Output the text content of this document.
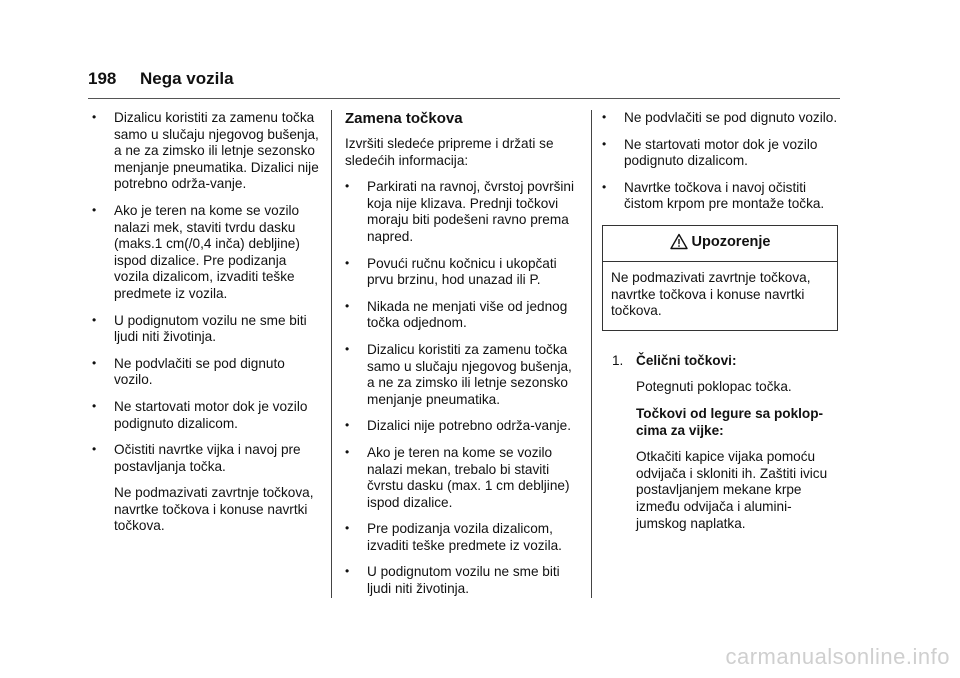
198 Nega vozila
• Dizalicu koristiti za zamenu točka samo u slučaju njegovog bušenja, a ne za zimsko ili letnje sezonsko menjanje pneumatika. Dizalici nije potrebno održa-vanje.
• Ako je teren na kome se vozilo nalazi mek, staviti tvrdu dasku (maks.1 cm(/0,4 inča) debljine) ispod dizalice. Pre podizanja vozila dizalicom, izvaditi teške predmete iz vozila.
• U podignutom vozilu ne sme biti ljudi niti životinja.
• Ne podvlačiti se pod dignuto vozilo.
• Ne startovati motor dok je vozilo podignuto dizalicom.
• Očistiti navrtke vijka i navoj pre postavljanja točka.
Ne podmazivati zavrtnje točkova, navrtke točkova i konuse navrtki točkova.
Zamena točkova
Izvršiti sledeće pripreme i držati se sledećih informacija:
• Parkirati na ravnoj, čvrstoj površini koja nije klizava. Prednji točkovi moraju biti podešeni ravno prema napred.
• Povući ručnu kočnicu i ukopčati prvu brzinu, hod unazad ili P.
• Nikada ne menjati više od jednog točka odjednom.
• Dizalicu koristiti za zamenu točka samo u slučaju njegovog bušenja, a ne za zimsko ili letnje sezonsko menjanje pneumatika.
• Dizalici nije potrebno održa-vanje.
• Ako je teren na kome se vozilo nalazi mekan, trebalo bi staviti čvrstu dasku (max. 1 cm debljine) ispod dizalice.
• Pre podizanja vozila dizalicom, izvaditi teške predmete iz vozila.
• U podignutom vozilu ne sme biti ljudi niti životinja.
• Ne podvlačiti se pod dignuto vozilo.
• Ne startovati motor dok je vozilo podignuto dizalicom.
• Navrtke točkova i navoj očistiti čistom krpom pre montaže točka.
Upozorenje
Ne podmazivati zavrtnje točkova, navrtke točkova i konuse navrtki točkova.
1. Čelični točkovi:
Potegnuti poklopac točka.
Točkovi od legure sa poklop-cima za vijke:
Otkačiti kapice vijaka pomoću odvijača i skloniti ih. Zaštiti ivicu postavljanjem mekane krpe između odvijača i alumini-jumskog naplatka.
carmanualsonline.info
